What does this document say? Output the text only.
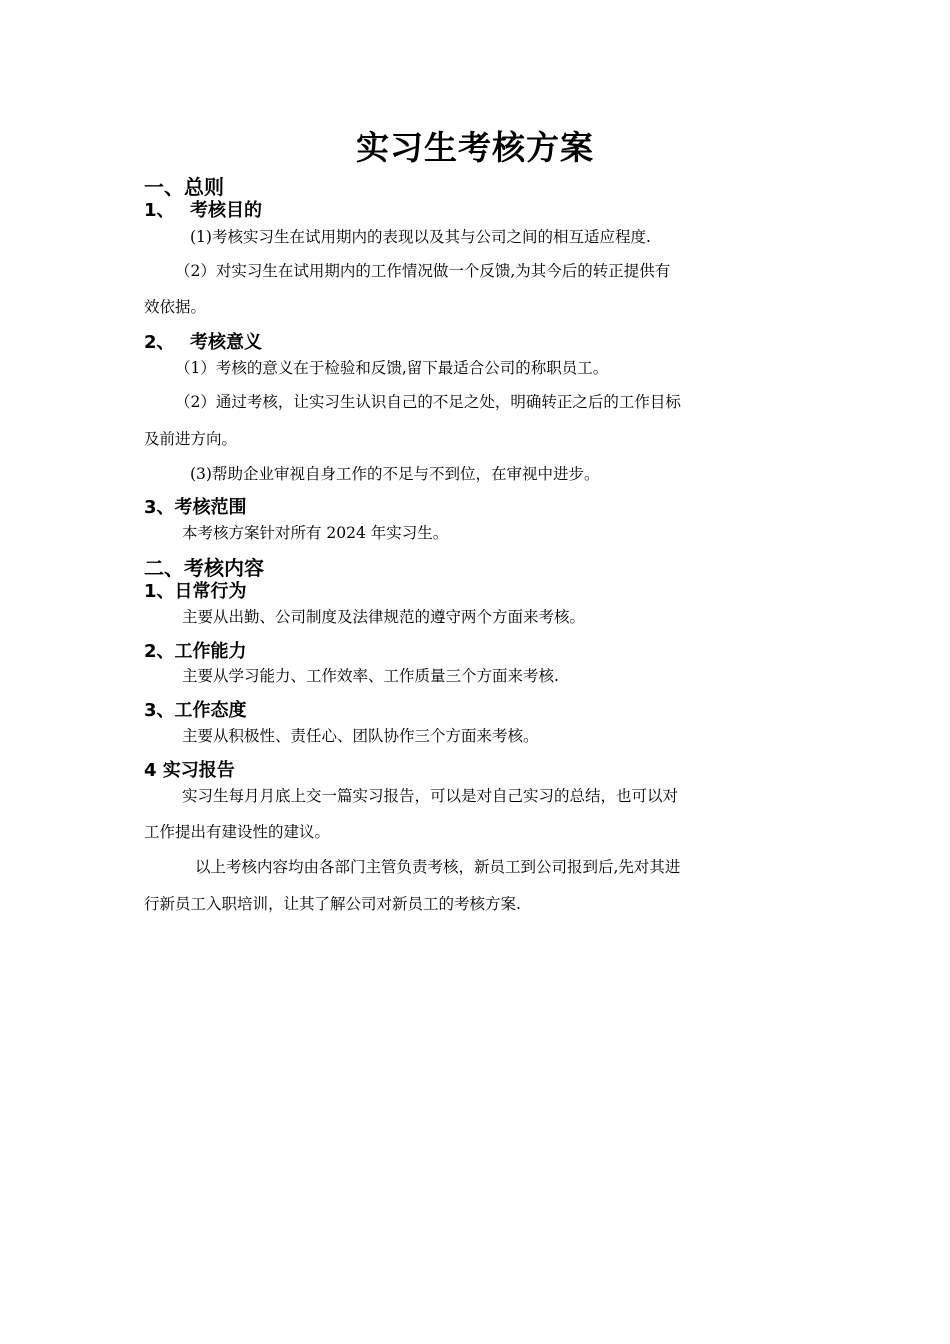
实习生考核方案
一、总则
1、 考核目的
(1)考核实习生在试用期内的表现以及其与公司之间的相互适应程度.
（2）对实习生在试用期内的工作情况做一个反馈,为其今后的转正提供有
效依据。
2、 考核意义
（1）考核的意义在于检验和反馈,留下最适合公司的称职员工。
（2）通过考核，让实习生认识自己的不足之处，明确转正之后的工作目标
及前进方向。
(3)帮助企业审视自身工作的不足与不到位，在审视中进步。
3、考核范围
本考核方案针对所有 2024 年实习生。
二、考核内容
1、日常行为
主要从出勤、公司制度及法律规范的遵守两个方面来考核。
2、工作能力
主要从学习能力、工作效率、工作质量三个方面来考核.
3、工作态度
主要从积极性、责任心、团队协作三个方面来考核。
4 实习报告
实习生每月月底上交一篇实习报告，可以是对自己实习的总结，也可以对
工作提出有建设性的建议。
以上考核内容均由各部门主管负责考核，新员工到公司报到后,先对其进
行新员工入职培训，让其了解公司对新员工的考核方案.
